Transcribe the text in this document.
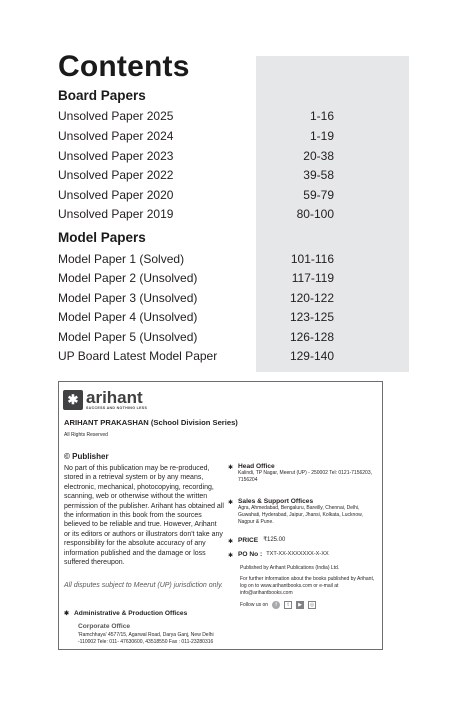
Contents
Board Papers
Unsolved Paper 2025	1-16
Unsolved Paper 2024	1-19
Unsolved Paper 2023	20-38
Unsolved Paper 2022	39-58
Unsolved Paper 2020	59-79
Unsolved Paper 2019	80-100
Model Papers
Model Paper 1 (Solved)	101-116
Model Paper 2 (Unsolved)	117-119
Model Paper 3 (Unsolved)	120-122
Model Paper 4 (Unsolved)	123-125
Model Paper 5 (Unsolved)	126-128
UP Board Latest Model Paper	129-140
✱ arihant
SUCCESS AND NOTHING LESS
ARIHANT PRAKASHAN (School Division Series)
All Rights Reserved
© Publisher
No part of this publication may be re-produced, stored in a retrieval system or by any means, electronic, mechanical, photocopying, recording, scanning, web or otherwise without the written permission of the publisher. Arihant has obtained all the information in this book from the sources believed to be reliable and true. However, Arihant or its editors or authors or illustrators don't take any responsibility for the absolute accuracy of any information published and the damage or loss suffered thereupon.
All disputes subject to Meerut (UP) jurisdiction only.
✱ Administrative & Production Offices
Corporate Office
'Ramchhaya' 4577/15, Agarwal Road, Darya Ganj, New Delhi -110002 Tele: 011- 47630600, 43518550 Fax : 011-23280316
✱ Head Office
Kalindi, TP Nagar, Meerut (UP) - 250002 Tel: 0121-7156203, 7156204
✱ Sales & Support Offices
Agra, Ahmedabad, Bengaluru, Bareilly, Chennai, Delhi, Guwahati, Hyderabad, Jaipur, Jhansi, Kolkata, Lucknow, Nagpur & Pune.
✱ PRICE ₹125.00
✱ PO No : TXT-XX-XXXXXXX-X-XX
Published by Arihant Publications (India) Ltd.
For further information about the books published by Arihant, log on to www.arihantbooks.com or e-mail at info@arihantbooks.com
Follow us on	f	t	▶	◎
